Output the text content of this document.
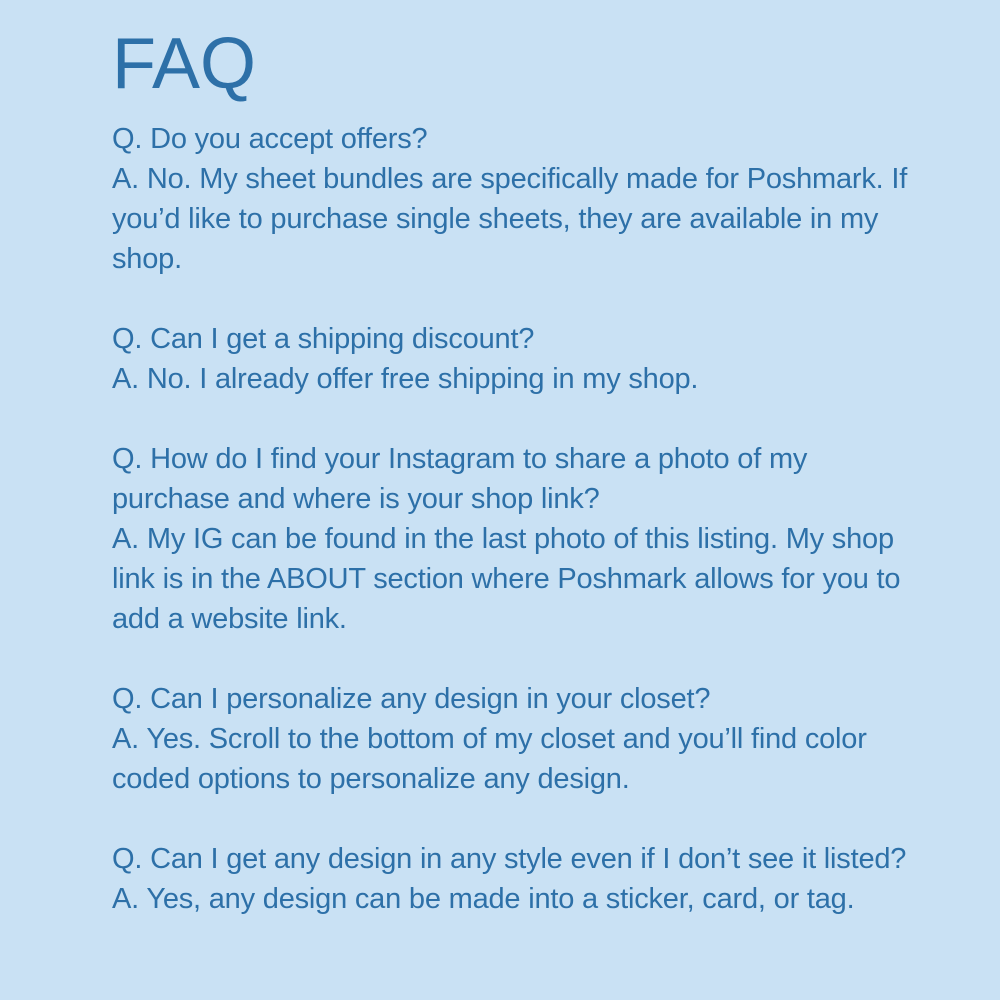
FAQ

Q. Do you accept offers?

A. No. My sheet bundles are specifically made for Poshmark. If you’d like to purchase single sheets, they are available in my shop.

Q. Can I get a shipping discount?

A. No. I already offer free shipping in my shop.

Q. How do I find your Instagram to share a photo of my purchase and where is your shop link?

A. My IG can be found in the last photo of this listing. My shop link is in the ABOUT section where Poshmark allows for you to add a website link.

Q. Can I personalize any design in your closet?

A. Yes. Scroll to the bottom of my closet and you’ll find color coded options to personalize any design.

Q. Can I get any design in any style even if I don’t see it listed?

A. Yes, any design can be made into a sticker, card, or tag.
